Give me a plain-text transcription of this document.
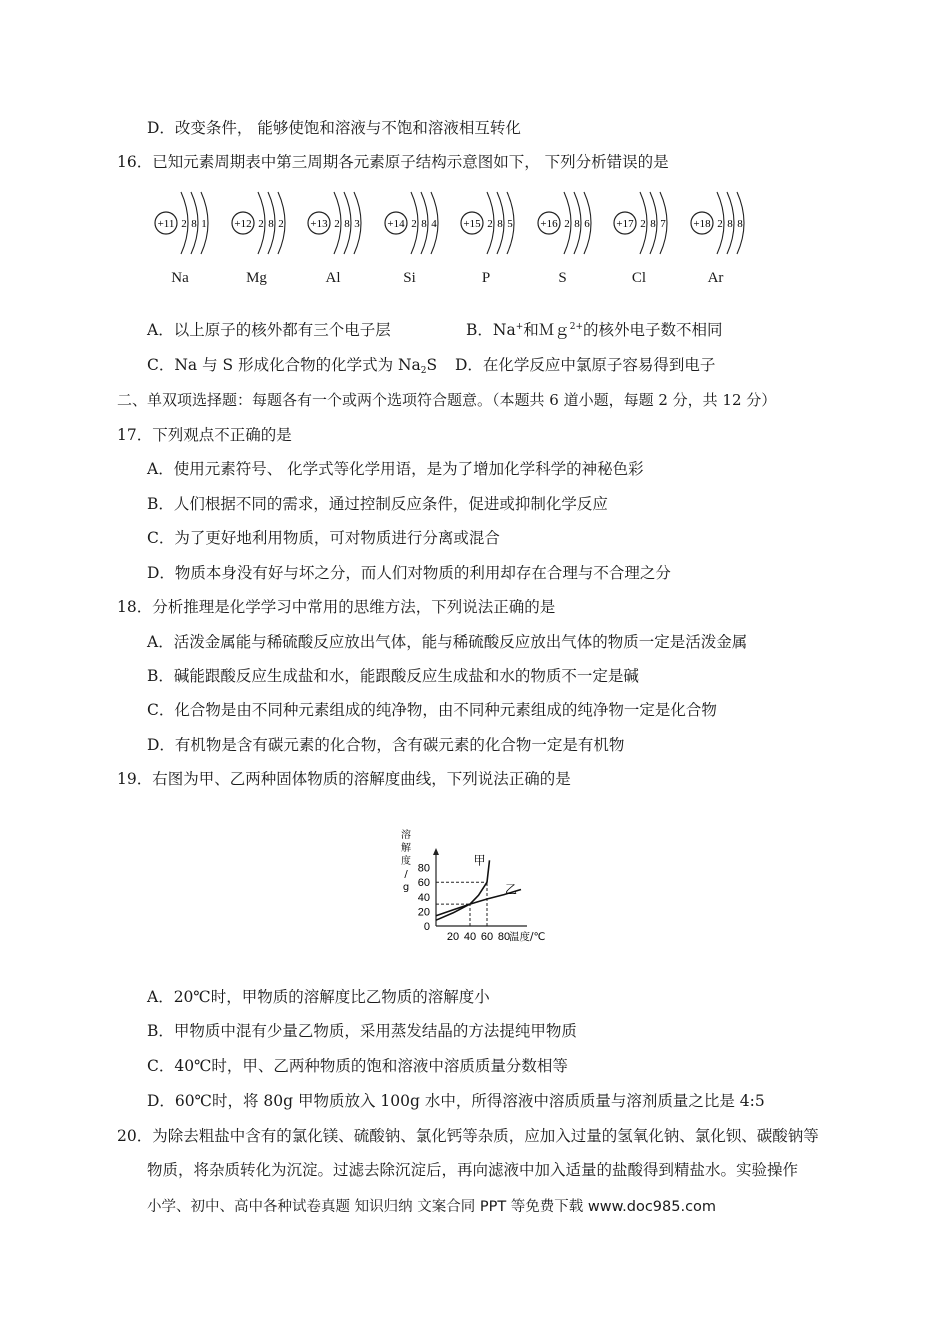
D．改变条件， 能够使饱和溶液与不饱和溶液相互转化
16．已知元素周期表中第三周期各元素原子结构示意图如下， 下列分析错误的是
+11 2 8 1
Na
+12 2 8 2
Mg
+13 2 8 3
Al
+14 2 8 4
Si
+15 2 8 5
P
+16 2 8 6
S
+17 2 8 7
Cl
+18 2 8 8
Ar
A．以上原子的核外都有三个电子层	B．Na+和Ｍｇ$^{2+}$的核外电子数不相同
C．Na 与 S 形成化合物的化学式为 $Na_2S$ D．在化学反应中氯原子容易得到电子
二、单双项选择题：每题各有一个或两个选项符合题意。（本题共 6 道小题，每题 2 分，共 12 分）
17．下列观点不正确的是
A．使用元素符号、 化学式等化学用语，是为了增加化学科学的神秘色彩
B．人们根据不同的需求，通过控制反应条件，促进或抑制化学反应
C．为了更好地利用物质，可对物质进行分离或混合
D．物质本身没有好与坏之分，而人们对物质的利用却存在合理与不合理之分
18．分析推理是化学学习中常用的思维方法，下列说法正确的是
A．活泼金属能与稀硫酸反应放出气体，能与稀硫酸反应放出气体的物质一定是活泼金属
B．碱能跟酸反应生成盐和水，能跟酸反应生成盐和水的物质不一定是碱
C．化合物是由不同种元素组成的纯净物，由不同种元素组成的纯净物一定是化合物
D．有机物是含有碳元素的化合物，含有碳元素的化合物一定是有机物
19．右图为甲、乙两种固体物质的溶解度曲线，下列说法正确的是
0
20
40
60
80
20 40 60 80
温度/℃
溶
解
度
/
g
甲
乙
A．20℃时，甲物质的溶解度比乙物质的溶解度小
B．甲物质中混有少量乙物质，采用蒸发结晶的方法提纯甲物质
C．40℃时，甲、乙两种物质的饱和溶液中溶质质量分数相等
D．60℃时，将 80g 甲物质放入 100g 水中，所得溶液中溶质质量与溶剂质量之比是 4:5
20．为除去粗盐中含有的氯化镁、硫酸钠、氯化钙等杂质，应加入过量的氢氧化钠、氯化钡、碳酸钠等
物质，将杂质转化为沉淀。过滤去除沉淀后，再向滤液中加入适量的盐酸得到精盐水。实验操作
小学、初中、高中各种试卷真题 知识归纳 文案合同 PPT 等免费下载 www.doc985.com
